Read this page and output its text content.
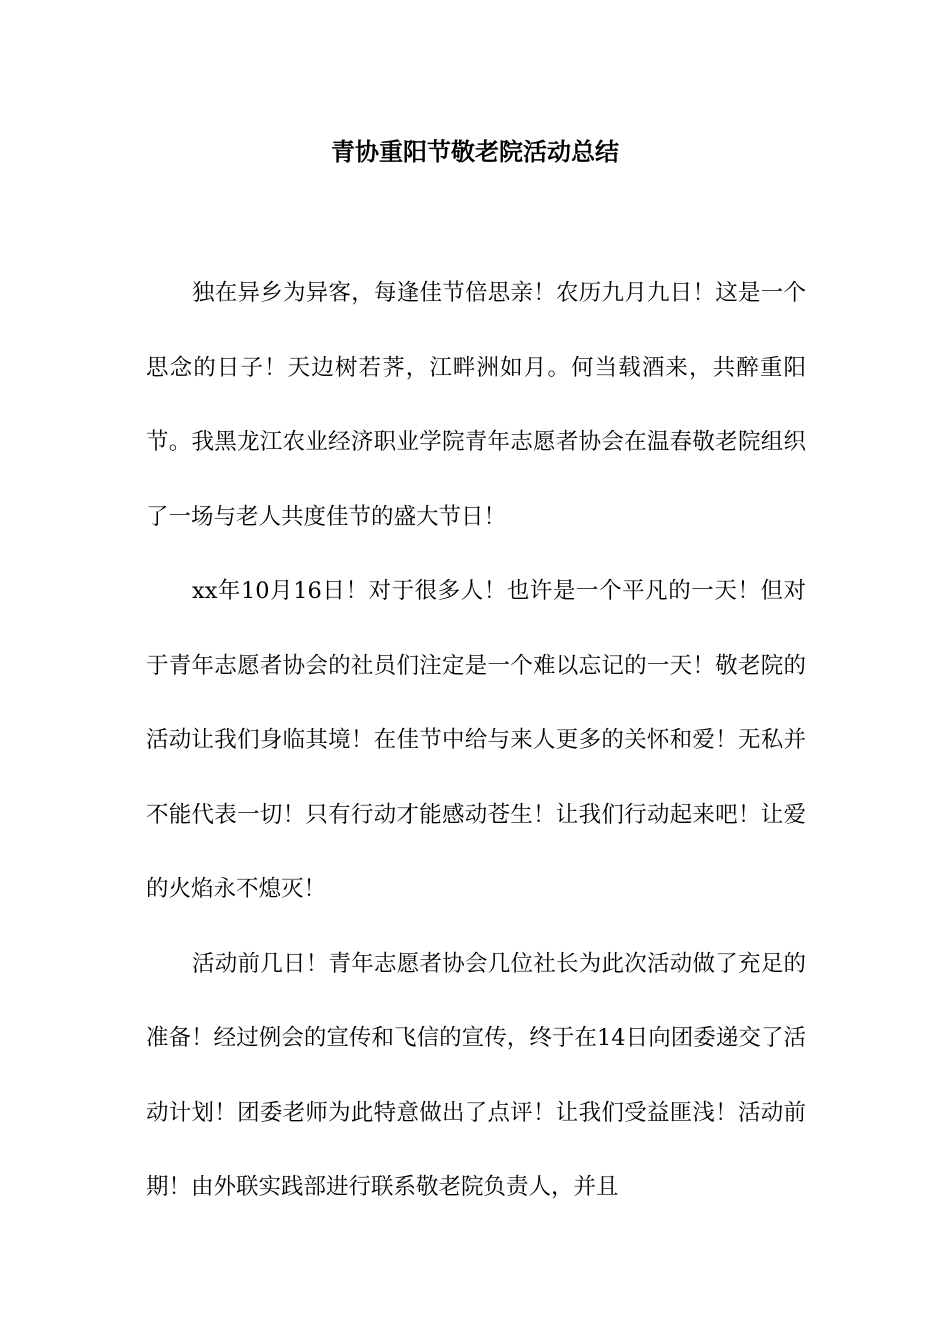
青协重阳节敬老院活动总结

独在异乡为异客，每逢佳节倍思亲！农历九月九日！这是一个思念的日子！天边树若荠，江畔洲如月。何当载酒来，共醉重阳节。我黑龙江农业经济职业学院青年志愿者协会在温春敬老院组织了一场与老人共度佳节的盛大节日！

xx年10月16日！对于很多人！也许是一个平凡的一天！但对于青年志愿者协会的社员们注定是一个难以忘记的一天！敬老院的活动让我们身临其境！在佳节中给与来人更多的关怀和爱！无私并不能代表一切！只有行动才能感动苍生！让我们行动起来吧！让爱的火焰永不熄灭！

活动前几日！青年志愿者协会几位社长为此次活动做了充足的准备！经过例会的宣传和飞信的宣传，终于在14日向团委递交了活动计划！团委老师为此特意做出了点评！让我们受益匪浅！活动前期！由外联实践部进行联系敬老院负责人，并且
